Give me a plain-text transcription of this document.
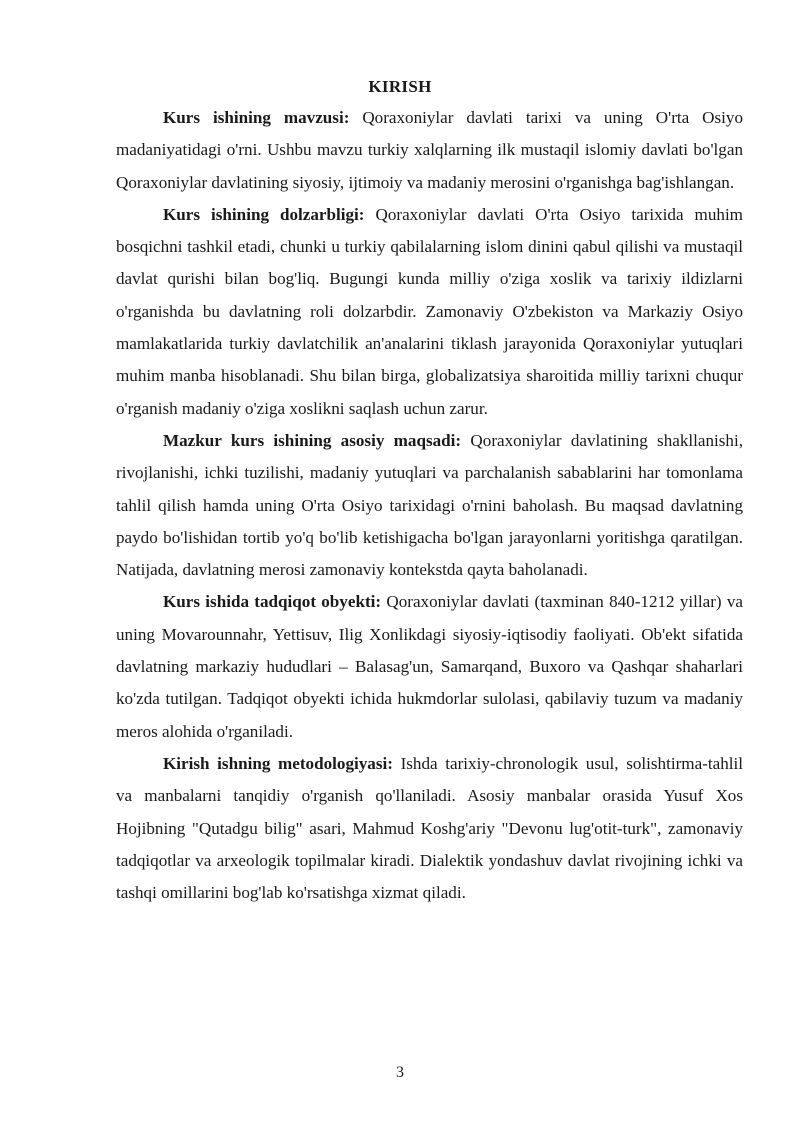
KIRISH

Kurs ishining mavzusi: Qoraxoniylar davlati tarixi va uning O'rta Osiyo madaniyatidagi o'rni. Ushbu mavzu turkiy xalqlarning ilk mustaqil islomiy davlati bo'lgan Qoraxoniylar davlatining siyosiy, ijtimoiy va madaniy merosini o'rganishga bag'ishlangan.

Kurs ishining dolzarbligi: Qoraxoniylar davlati O'rta Osiyo tarixida muhim bosqichni tashkil etadi, chunki u turkiy qabilalarning islom dinini qabul qilishi va mustaqil davlat qurishi bilan bog'liq. Bugungi kunda milliy o'ziga xoslik va tarixiy ildizlarni o'rganishda bu davlatning roli dolzarbdir. Zamonaviy O'zbekiston va Markaziy Osiyo mamlakatlarida turkiy davlatchilik an'analarini tiklash jarayonida Qoraxoniylar yutuqlari muhim manba hisoblanadi. Shu bilan birga, globalizatsiya sharoitida milliy tarixni chuqur o'rganish madaniy o'ziga xoslikni saqlash uchun zarur.

Mazkur kurs ishining asosiy maqsadi: Qoraxoniylar davlatining shakllanishi, rivojlanishi, ichki tuzilishi, madaniy yutuqlari va parchalanish sabablarini har tomonlama tahlil qilish hamda uning O'rta Osiyo tarixidagi o'rnini baholash. Bu maqsad davlatning paydo bo'lishidan tortib yo'q bo'lib ketishigacha bo'lgan jarayonlarni yoritishga qaratilgan. Natijada, davlatning merosi zamonaviy kontekstda qayta baholanadi.

Kurs ishida tadqiqot obyekti: Qoraxoniylar davlati (taxminan 840-1212 yillar) va uning Movarounnahr, Yettisuv, Ilig Xonlikdagi siyosiy-iqtisodiy faoliyati. Ob'ekt sifatida davlatning markaziy hududlari – Balasag'un, Samarqand, Buxoro va Qashqar shaharlari ko'zda tutilgan. Tadqiqot obyekti ichida hukmdorlar sulolasi, qabilaviy tuzum va madaniy meros alohida o'rganiladi.

Kirish ishning metodologiyasi: Ishda tarixiy-chronologik usul, solishtirma-tahlil va manbalarni tanqidiy o'rganish qo'llaniladi. Asosiy manbalar orasida Yusuf Xos Hojibning "Qutadgu bilig" asari, Mahmud Koshg'ariy "Devonu lug'otit-turk", zamonaviy tadqiqotlar va arxeologik topilmalar kiradi. Dialektik yondashuv davlat rivojining ichki va tashqi omillarini bog'lab ko'rsatishga xizmat qiladi.

3
